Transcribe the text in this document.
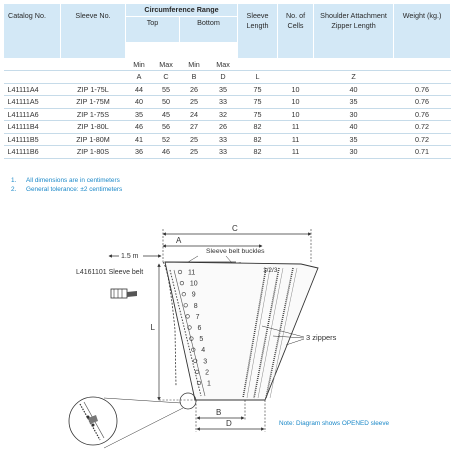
Catalog No.	Sleeve No.	Circumference Range				Sleeve Length	No. of Cells	Shoulder Attachment Zipper Length	Weight (kg.)
		Top		Bottom					

		Min	Max	Min	Max				
		A	C	B	D	L		Z	
L41111A4	ZIP 1-75L	44	55	26	35	75	10	40	0.76
L41111A5	ZIP 1-75M	40	50	25	33	75	10	35	0.76
L41111A6	ZIP 1-75S	35	45	24	32	75	10	30	0.76
L41111B4	ZIP 1-80L	46	56	27	26	82	11	40	0.72
L41111B5	ZIP 1-80M	41	52	25	33	82	11	35	0.72
L41111B6	ZIP 1-80S	36	46	25	33	82	11	30	0.71
1. All dimensions are in centimeters
2. General tolerance: ±2 centimeters
C
A
1.5 m
L4161101 Sleeve belt
Sleeve belt buckles
1/2/3
3 zippers
11
10
9
8
7
6
5
4
3
2
1
L
B
D	Note: Diagram shows OPENED sleeve
